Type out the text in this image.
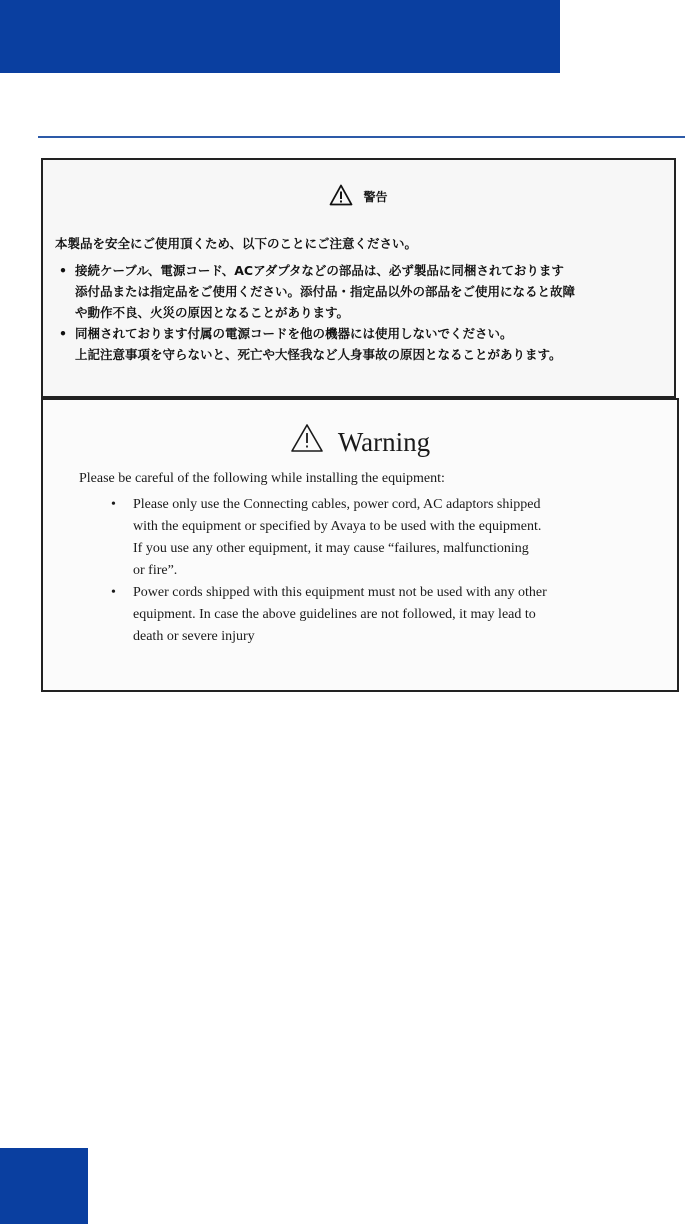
警告
本製品を安全にご使用頂くため、以下のことにご注意ください。
• 接続ケーブル、電源コード、ACアダプタなどの部品は、必ず製品に同梱されております
添付品または指定品をご使用ください。添付品・指定品以外の部品をご使用になると故障
や動作不良、火災の原因となることがあります。
• 同梱されております付属の電源コードを他の機器には使用しないでください。
上記注意事項を守らないと、死亡や大怪我など人身事故の原因となることがあります。
Warning
Please be careful of the following while installing the equipment:
• Please only use the Connecting cables, power cord, AC adaptors shipped
with the equipment or specified by Avaya to be used with the equipment.
If you use any other equipment, it may cause “failures, malfunctioning
or fire”.
• Power cords shipped with this equipment must not be used with any other
equipment. In case the above guidelines are not followed, it may lead to
death or severe injury
